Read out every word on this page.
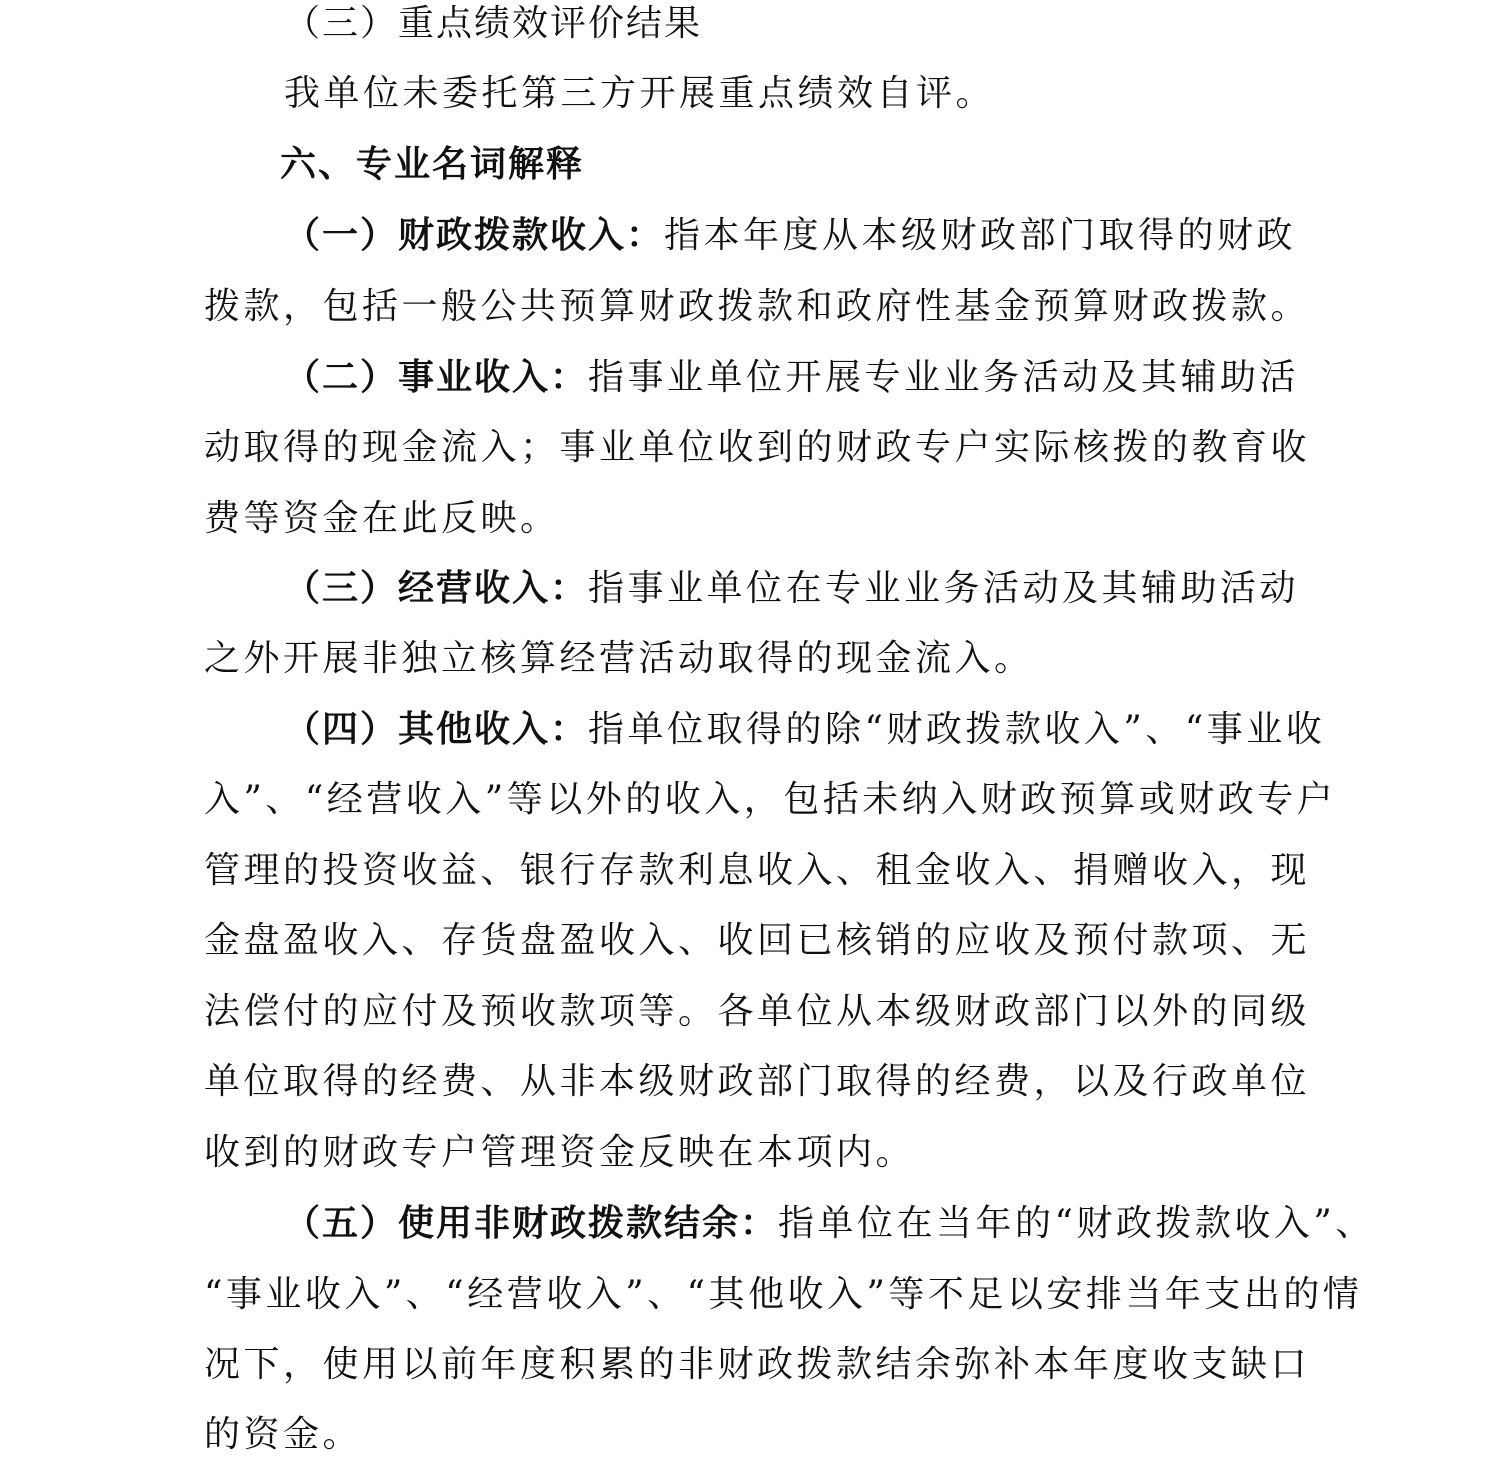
（三）重点绩效评价结果
我单位未委托第三方开展重点绩效自评。
六、专业名词解释
（一）财政拨款收入：指本年度从本级财政部门取得的财政
拨款，包括一般公共预算财政拨款和政府性基金预算财政拨款。
（二）事业收入：指事业单位开展专业业务活动及其辅助活
动取得的现金流入；事业单位收到的财政专户实际核拨的教育收
费等资金在此反映。
（三）经营收入：指事业单位在专业业务活动及其辅助活动
之外开展非独立核算经营活动取得的现金流入。
（四）其他收入：指单位取得的除“财政拨款收入”、“事业收
入”、“经营收入”等以外的收入，包括未纳入财政预算或财政专户
管理的投资收益、银行存款利息收入、租金收入、捐赠收入，现
金盘盈收入、存货盘盈收入、收回已核销的应收及预付款项、无
法偿付的应付及预收款项等。各单位从本级财政部门以外的同级
单位取得的经费、从非本级财政部门取得的经费，以及行政单位
收到的财政专户管理资金反映在本项内。
（五）使用非财政拨款结余：指单位在当年的“财政拨款收入”、
“事业收入”、“经营收入”、“其他收入”等不足以安排当年支出的情
况下，使用以前年度积累的非财政拨款结余弥补本年度收支缺口
的资金。
